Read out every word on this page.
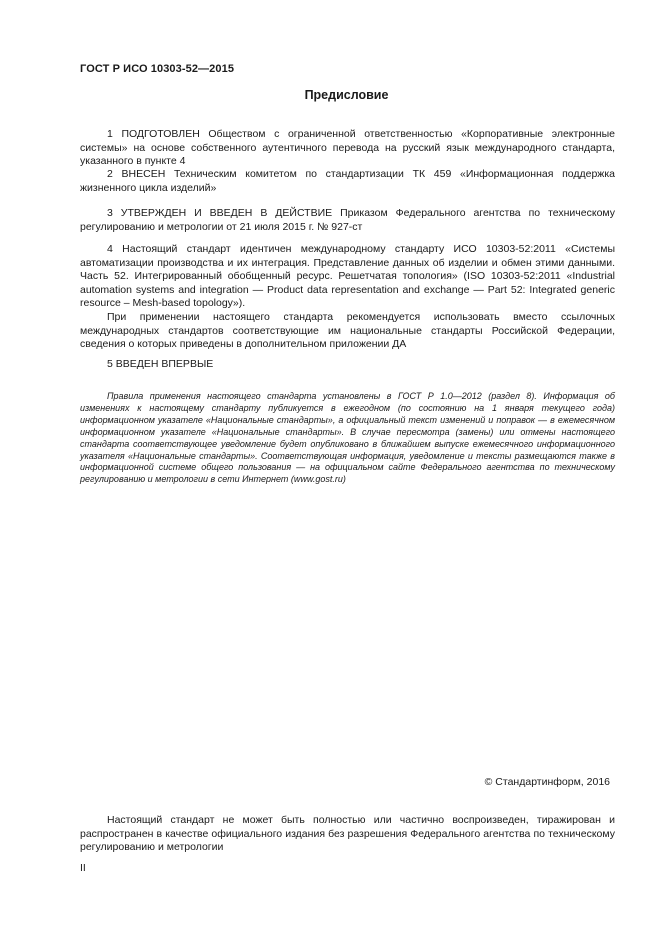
ГОСТ Р ИСО 10303-52—2015
Предисловие
1 ПОДГОТОВЛЕН Обществом с ограниченной ответственностью «Корпоративные электронные системы» на основе собственного аутентичного перевода на русский язык международного стандарта, указанного в пункте 4
2 ВНЕСЕН Техническим комитетом по стандартизации ТК 459 «Информационная поддержка жизненного цикла изделий»
3 УТВЕРЖДЕН И ВВЕДЕН В ДЕЙСТВИЕ Приказом Федерального агентства по техническому регулированию и метрологии от 21 июля 2015 г. № 927-ст
4 Настоящий стандарт идентичен международному стандарту ИСО 10303-52:2011 «Системы автоматизации производства и их интеграция. Представление данных об изделии и обмен этими данными. Часть 52. Интегрированный обобщенный ресурс. Решетчатая топология» (ISO 10303-52:2011 «Industrial automation systems and integration — Product data representation and exchange — Part 52: Integrated generic resource – Mesh-based topology»).
При применении настоящего стандарта рекомендуется использовать вместо ссылочных международных стандартов соответствующие им национальные стандарты Российской Федерации, сведения о которых приведены в дополнительном приложении ДА
5 ВВЕДЕН ВПЕРВЫЕ
Правила применения настоящего стандарта установлены в ГОСТ Р 1.0—2012 (раздел 8). Информация об изменениях к настоящему стандарту публикуется в ежегодном (по состоянию на 1 января текущего года) информационном указателе «Национальные стандарты», а официальный текст изменений и поправок — в ежемесячном информационном указателе «Национальные стандарты». В случае пересмотра (замены) или отмены настоящего стандарта соответствующее уведомление будет опубликовано в ближайшем выпуске ежемесячного информационного указателя «Национальные стандарты». Соответствующая информация, уведомление и тексты размещаются также в информационной системе общего пользования — на официальном сайте Федерального агентства по техническому регулированию и метрологии в сети Интернет (www.gost.ru)
© Стандартинформ, 2016
Настоящий стандарт не может быть полностью или частично воспроизведен, тиражирован и распространен в качестве официального издания без разрешения Федерального агентства по техническому регулированию и метрологии
II
